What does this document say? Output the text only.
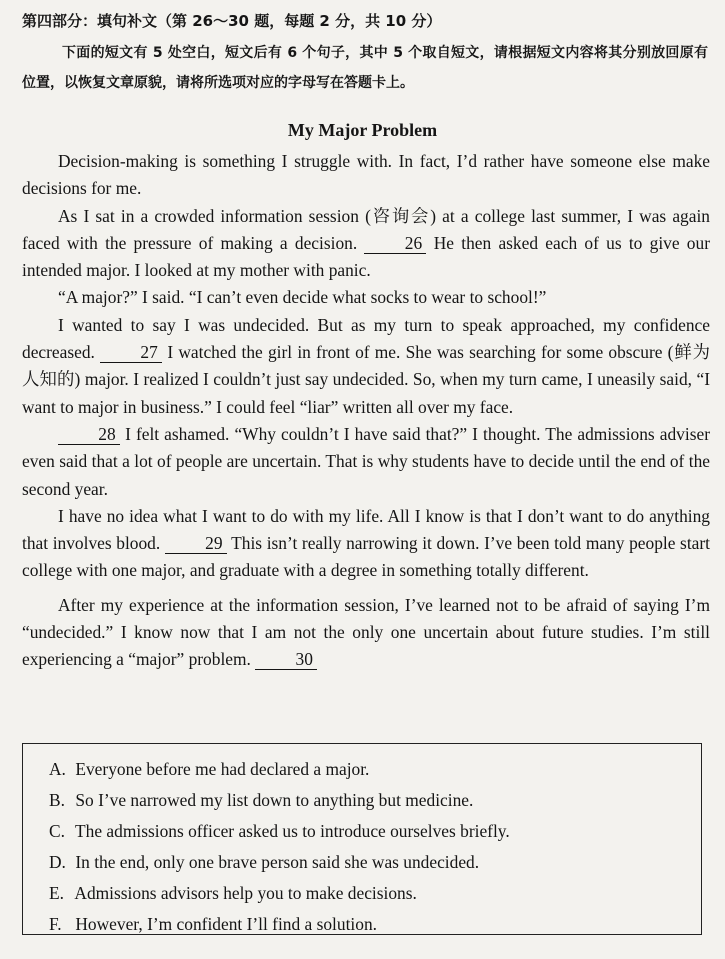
第四部分：填句补文（第 26～30 题，每题 2 分，共 10 分）
下面的短文有 5 处空白，短文后有 6 个句子，其中 5 个取自短文，请根据短文内容将其分别放回原有位置，以恢复文章原貌，请将所选项对应的字母写在答题卡上。
My Major Problem

Decision-making is something I struggle with. In fact, I’d rather have someone else make decisions for me.

As I sat in a crowded information session (咨询会) at a college last summer, I was again faced with the pressure of making a decision.	26 He then asked each of us to give our intended major. I looked at my mother with panic.

“A major?” I said. “I can’t even decide what socks to wear to school!”

I wanted to say I was undecided. But as my turn to speak approached, my confidence decreased.	27 I watched the girl in front of me. She was searching for some obscure (鲜为人知的) major. I realized I couldn’t just say undecided. So, when my turn came, I uneasily said, “I want to major in business.” I could feel “liar” written all over my face.

28 I felt ashamed. “Why couldn’t I have said that?” I thought. The admissions adviser even said that a lot of people are uncertain. That is why students have to decide until the end of the second year.

I have no idea what I want to do with my life. All I know is that I don’t want to do anything that involves blood.	29 This isn’t really narrowing it down. I’ve been told many people start college with one major, and graduate with a degree in something totally different.

After my experience at the information session, I’ve learned not to be afraid of saying I’m “undecided.” I know now that I am not the only one uncertain about future studies. I’m still experiencing a “major” problem.	30

A. Everyone before me had declared a major.
B. So I’ve narrowed my list down to anything but medicine.
C. The admissions officer asked us to introduce ourselves briefly.
D. In the end, only one brave person said she was undecided.
E. Admissions advisors help you to make decisions.
F. However, I’m confident I’ll find a solution.
